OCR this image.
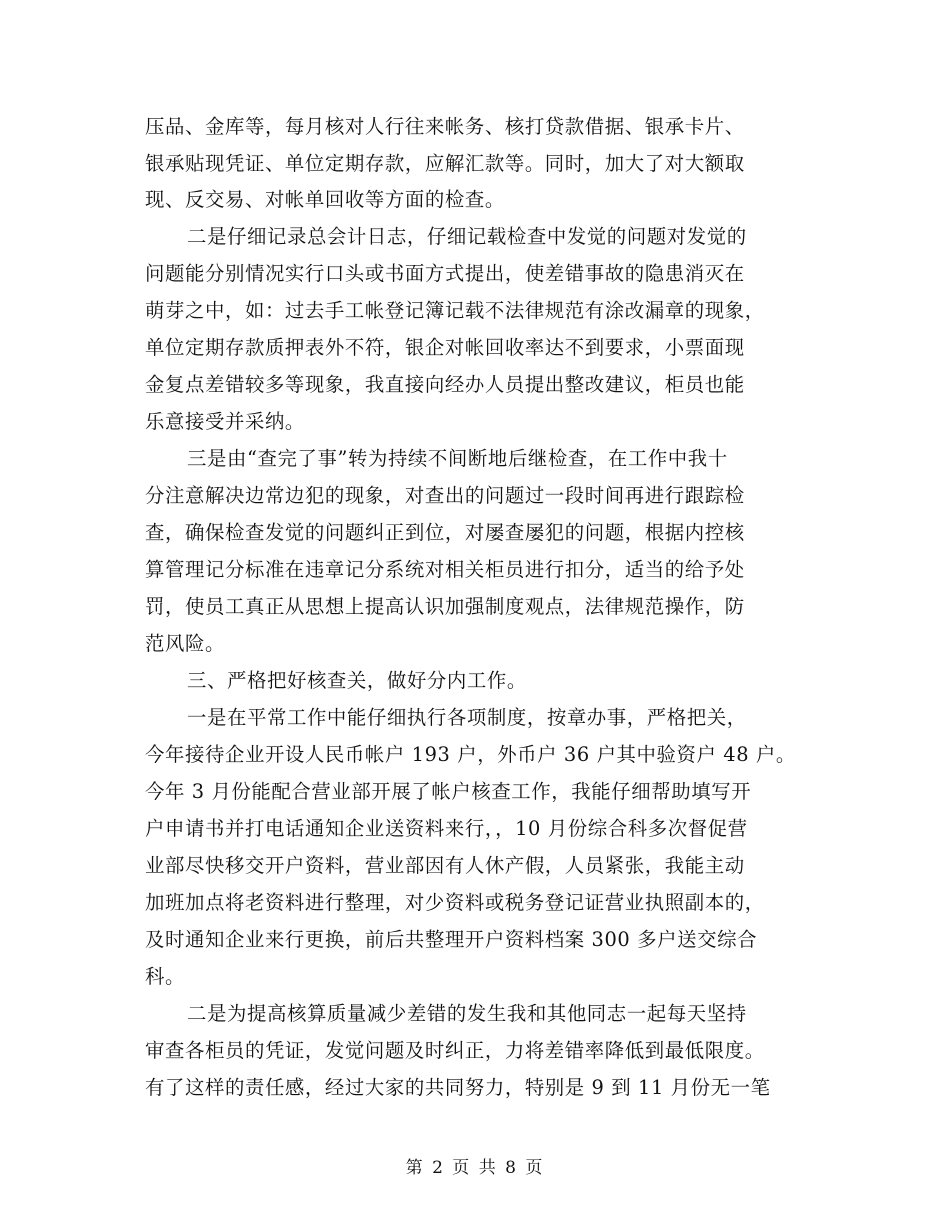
压品、金库等，每月核对人行往来帐务、核打贷款借据、银承卡片、
银承贴现凭证、单位定期存款，应解汇款等。同时，加大了对大额取
现、反交易、对帐单回收等方面的检查。
二是仔细记录总会计日志，仔细记载检查中发觉的问题对发觉的
问题能分别情况实行口头或书面方式提出，使差错事故的隐患消灭在
萌芽之中，如：过去手工帐登记簿记载不法律规范有涂改漏章的现象，
单位定期存款质押表外不符，银企对帐回收率达不到要求，小票面现
金复点差错较多等现象，我直接向经办人员提出整改建议，柜员也能
乐意接受并采纳。
三是由“查完了事”转为持续不间断地后继检查，在工作中我十
分注意解决边常边犯的现象，对查出的问题过一段时间再进行跟踪检
查，确保检查发觉的问题纠正到位，对屡查屡犯的问题，根据内控核
算管理记分标准在违章记分系统对相关柜员进行扣分，适当的给予处
罚，使员工真正从思想上提高认识加强制度观点，法律规范操作，防
范风险。
三、严格把好核查关，做好分内工作。
一是在平常工作中能仔细执行各项制度，按章办事，严格把关，
今年接待企业开设人民币帐户 193 户，外币户 36 户其中验资户 48 户。
今年 3 月份能配合营业部开展了帐户核查工作，我能仔细帮助填写开
户申请书并打电话通知企业送资料来行，，10 月份综合科多次督促营
业部尽快移交开户资料，营业部因有人休产假，人员紧张，我能主动
加班加点将老资料进行整理，对少资料或税务登记证营业执照副本的，
及时通知企业来行更换，前后共整理开户资料档案 300 多户送交综合
科。
二是为提高核算质量减少差错的发生我和其他同志一起每天坚持
审查各柜员的凭证，发觉问题及时纠正，力将差错率降低到最低限度。
有了这样的责任感，经过大家的共同努力，特别是 9 到 11 月份无一笔
第 2 页 共 8 页
